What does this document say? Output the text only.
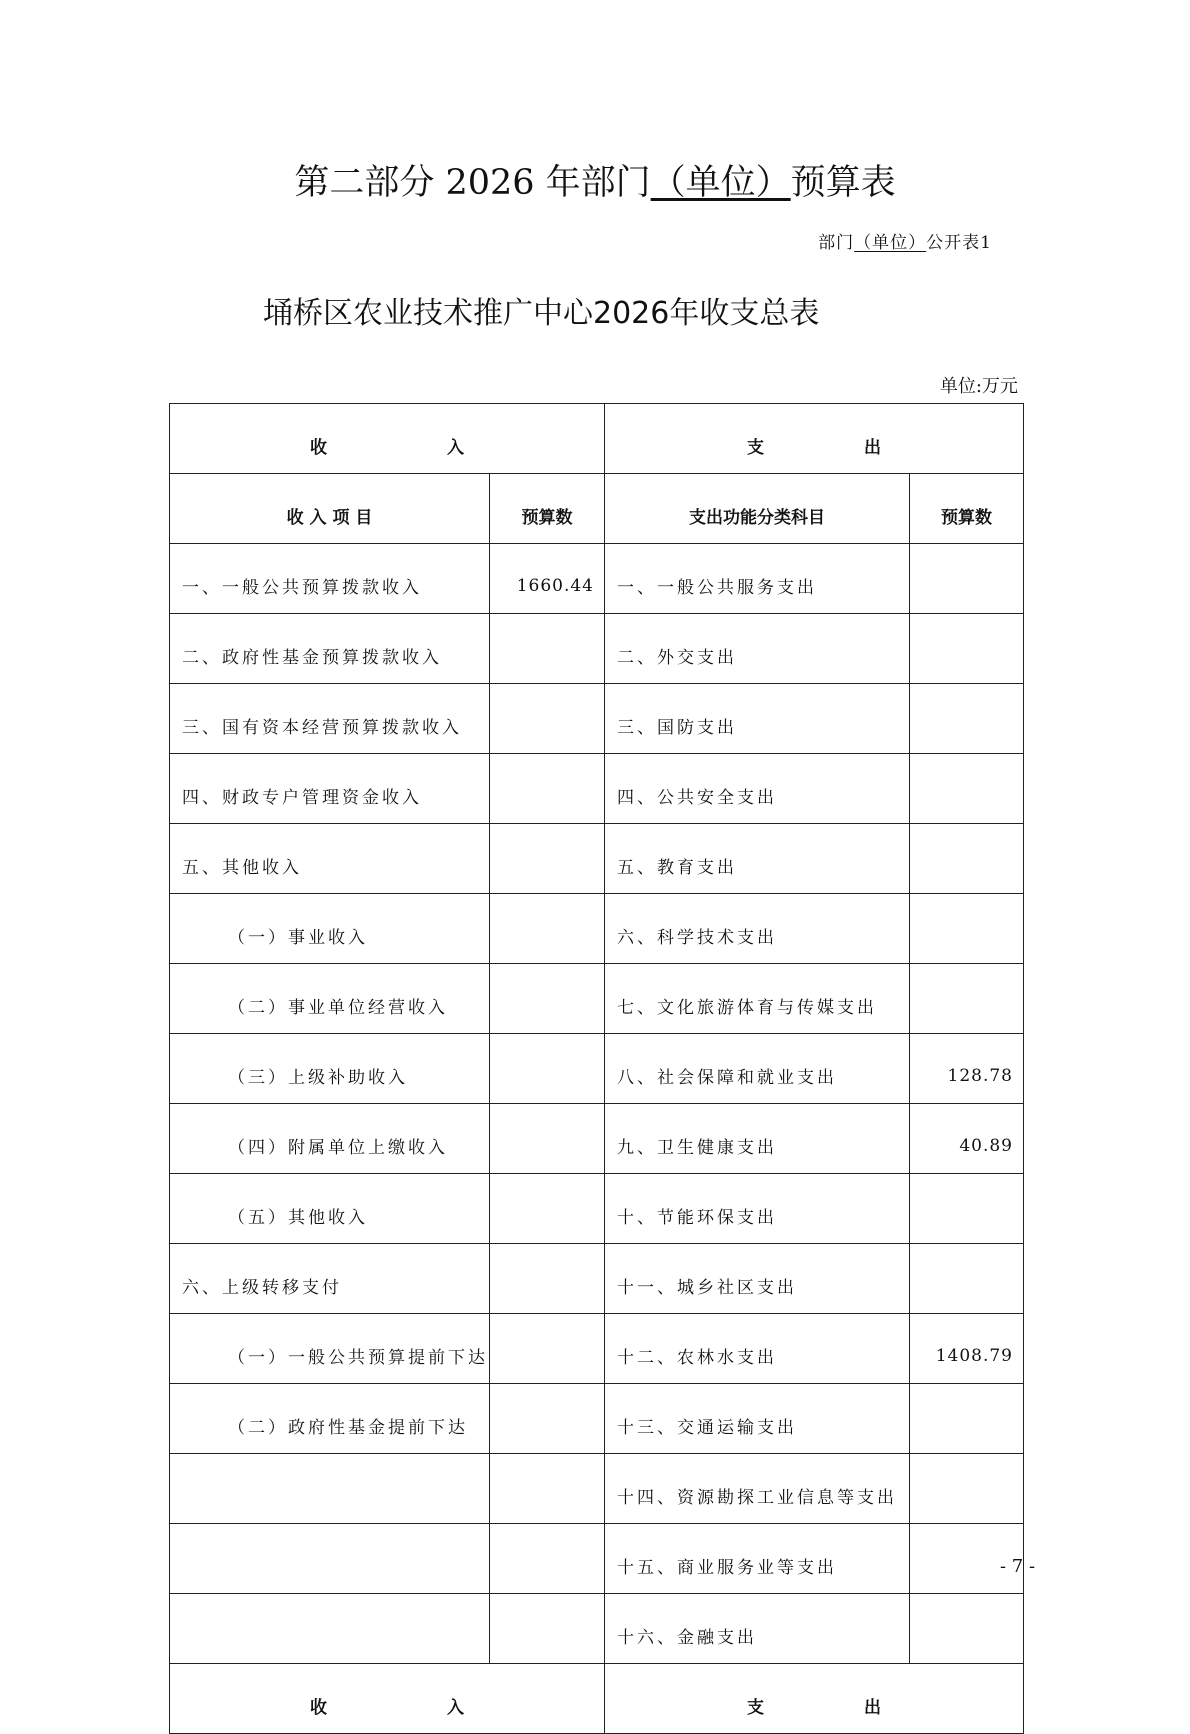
第二部分 2026 年部门（单位）预算表
部门（单位）公开表1
埇桥区农业技术推广中心2026年收支总表
单位:万元
收 入		支 出	
收 入 项 目	预算数	支出功能分类科目	预算数
一、一般公共预算拨款收入	1660.44	一、一般公共服务支出	
二、政府性基金预算拨款收入		二、外交支出	
三、国有资本经营预算拨款收入		三、国防支出	
四、财政专户管理资金收入		四、公共安全支出	
五、其他收入		五、教育支出	
（一）事业收入		六、科学技术支出	
（二）事业单位经营收入		七、文化旅游体育与传媒支出	
（三）上级补助收入		八、社会保障和就业支出	128.78
（四）附属单位上缴收入		九、卫生健康支出	40.89
（五）其他收入		十、节能环保支出	
六、上级转移支付		十一、城乡社区支出	
（一）一般公共预算提前下达		十二、农林水支出	1408.79
（二）政府性基金提前下达		十三、交通运输支出	
		十四、资源勘探工业信息等支出	
		十五、商业服务业等支出	
		十六、金融支出	
收 入		支 出	
- 7 -
